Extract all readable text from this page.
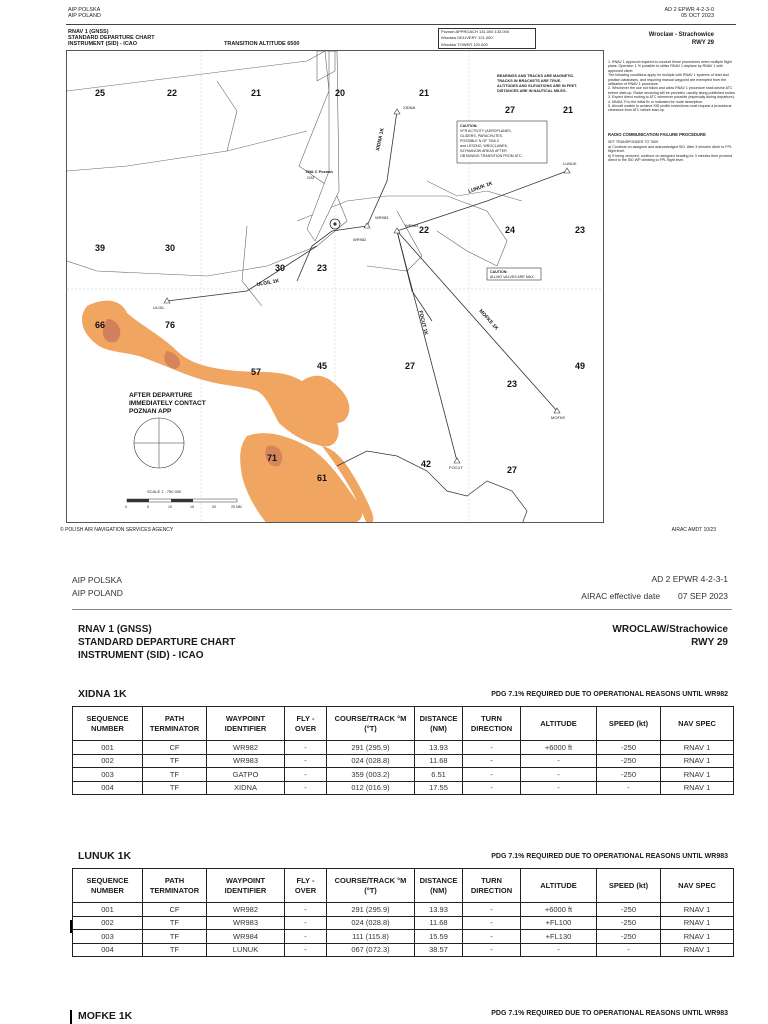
AIP POLSKA
AIP POLAND
AD 2 EPWR 4-2-3-0
05 OCT 2023
RNAV 1 (GNSS)
STANDARD DEPARTURE CHART
INSTRUMENT (SID) - ICAO	TRANSITION ALTITUDE 6500
Poznań APPROACH 131.000 133.000
Wrocław DELIVERY 121.000
Wrocław TOWER 120.000
Wroclaw - Strachowice
RWY 29
25	22	21	20	21
27	21
39	30
30	23
22	24	23
66	76
57
45	27
23
49
71
61
42
27
XIDNA 1K
LUNUK 1K
ULGIL 1K
FOCUT 1K	MOFKE 1K
XIDNA
LUNUK
ULGIL
MOFKE
FOCUT
WR982
WR983
WR984
GAT
BEARINGS AND TRACKS ARE MAGNETIC.
TRACKS IN BRACKETS ARE TRUE.
ALTITUDES AND ELEVATIONS ARE IN FEET.
DISTANCES ARE IN NAUTICAL MILES.
CAUTION:
VFR ACTIVITY (AEROPLANES,
GLIDERS, PARACHUTES,
POSSIBLE N OF TMA C
and LESZNO, WROCLAWEK,
SZYMANOW AREAS AFTER
OBTAINING TRANSITION FROM ATC.
CAUTION:
ALLMO VALVES ARE MAX.
AFTER DEPARTURE
IMMEDIATELY CONTACT
POZNAN APP
SCALE 1 : 750 000
0	5	10	15	20	25 NM
TMA C Poznań
1. RNAV 1 approval required to conduct these procedures when multiple flight plans. Operator: 1 % possible to utilise RNAV 1 airplane by RNAV 1 with approved climb.
The following conditions apply for multiple with RNAV 1 systems of lead and position databases, and requiring manual waypoint are exempted from the utilisation of RNAV 1 procedure.
2. Whichever the use not follow and allow RNAV 1 procedure shall advise ATC before start-up. Radar sectoring will be provided, usually along published routes.
3. Expect direct routing to ATC whenever possible (especially during departure).
4. MNDA Tf is the initial fix or indicated for route description.
5. Aircraft unable to achieve SID profile restrictions must request a procedural clearance from ATC before start-up.
RADIO COMMUNICATION FAILURE PROCEDURE
SET TRANSPONDER TO 7600
a) Continue on assigned and acknowledged SID. After 3 minutes climb to FPL flight level.
b) If being vectored, continue on assigned heading for 3 minutes then proceed direct to the SID WP climbing to FPL flight level.
© POLISH AIR NAVIGATION SERVICES AGENCY	AIRAC AMDT 10/23
AIP POLSKA
AIP POLAND
AD 2 EPWR 4-2-3-1
AIRAC effective date 07 SEP 2023
RNAV 1 (GNSS)
STANDARD DEPARTURE CHART
INSTRUMENT (SID) - ICAO
WROCLAW/Strachowice
RWY 29
XIDNA 1K	PDG 7.1% REQUIRED DUE TO OPERATIONAL REASONS UNTIL WR982
SEQUENCE NUMBER	PATH TERMINATOR	WAYPOINT IDENTIFIER	FLY - OVER	COURSE/TRACK °M (°T)	DISTANCE (NM)	TURN DIRECTION	ALTITUDE	SPEED (kt)	NAV SPEC
001	CF	WR982	-	291 (295.9)	13.93	-	+6000 ft	-250	RNAV 1
002	TF	WR983	-	024 (028.8)	11.68	-	-	-250	RNAV 1
003	TF	GATPO	-	359 (003.2)	6.51	-	-	-250	RNAV 1
004	TF	XIDNA	-	012 (016.9)	17.55	-	-	-	RNAV 1
LUNUK 1K	PDG 7.1% REQUIRED DUE TO OPERATIONAL REASONS UNTIL WR983
SEQUENCE NUMBER	PATH TERMINATOR	WAYPOINT IDENTIFIER	FLY - OVER	COURSE/TRACK °M (°T)	DISTANCE (NM)	TURN DIRECTION	ALTITUDE	SPEED (kt)	NAV SPEC
001	CF	WR982	-	291 (295.9)	13.93	-	+6000 ft	-250	RNAV 1
002	TF	WR983	-	024 (028.8)	11.68	-	+FL100	-250	RNAV 1
003	TF	WR984	-	111 (115.8)	15.59	-	+FL130	-250	RNAV 1
004	TF	LUNUK	-	067 (072.3)	38.57	-	-	-	RNAV 1
MOFKE 1K	PDG 7.1% REQUIRED DUE TO OPERATIONAL REASONS UNTIL WR983
